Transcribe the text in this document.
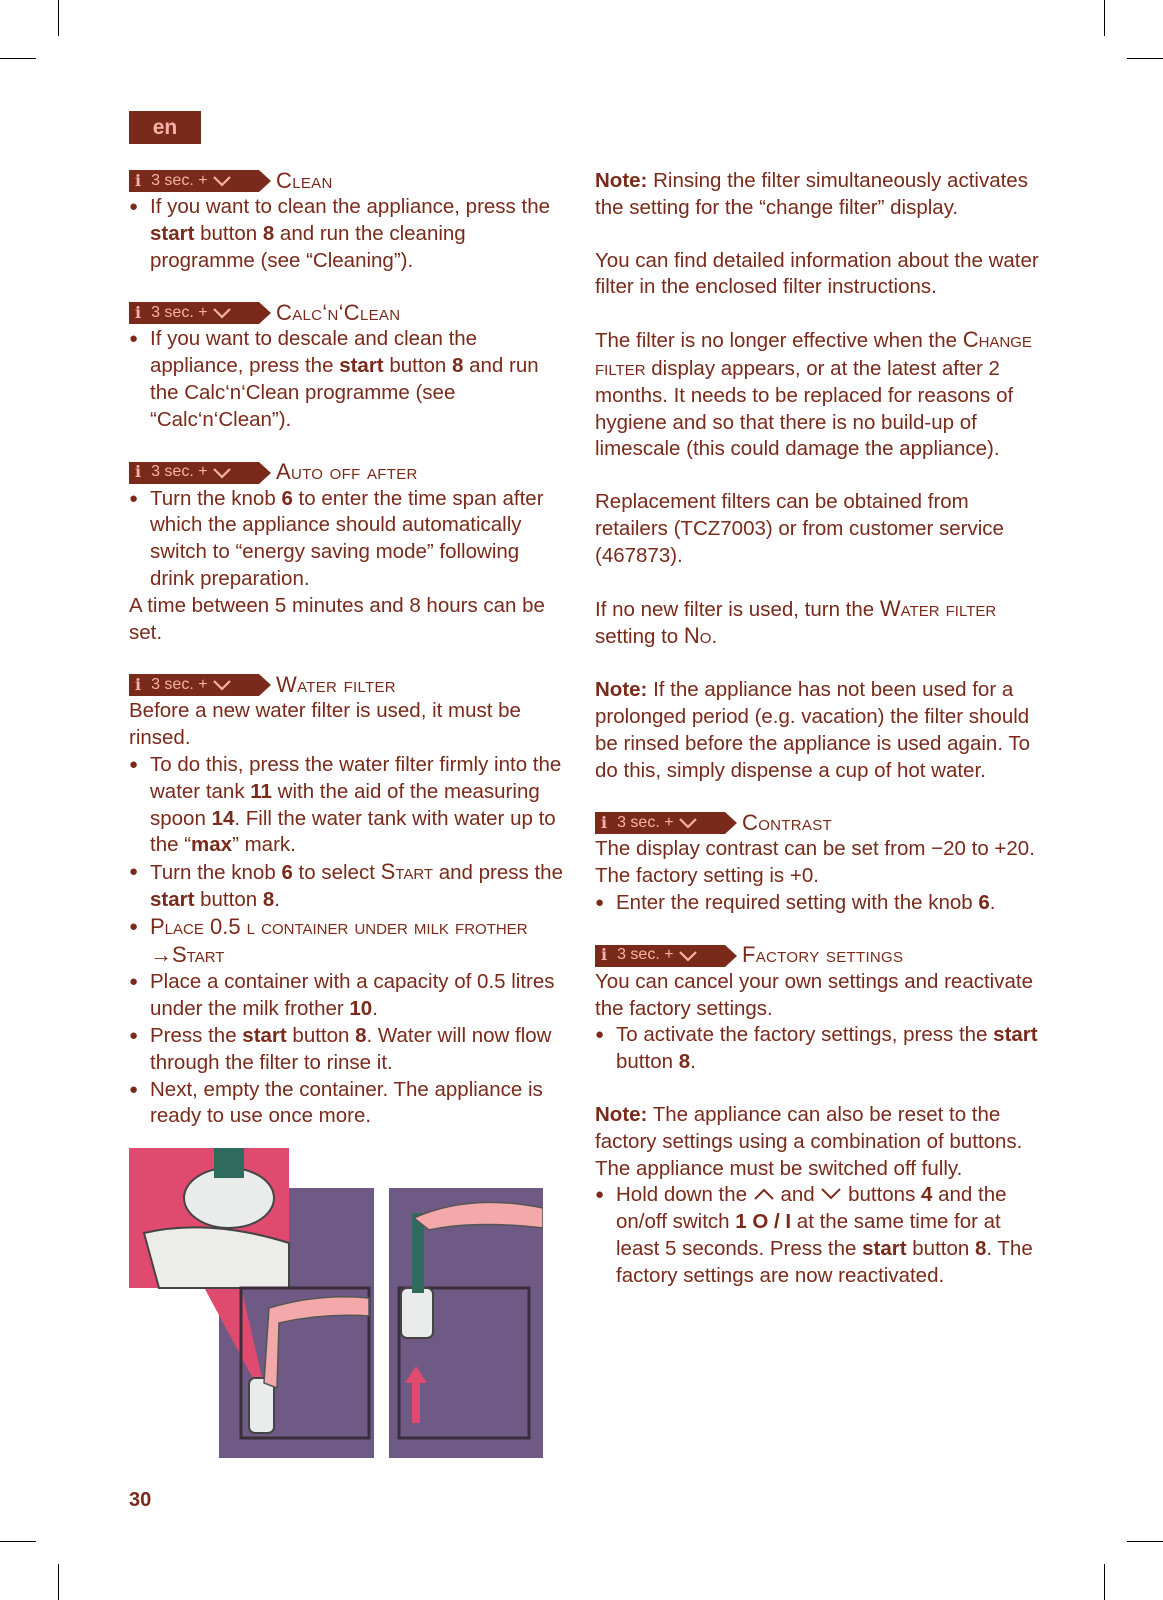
en
i 3 sec. +	Clean
● If you want to clean the appliance, press the start button 8 and run the cleaning programme (see “Cleaning”).
i 3 sec. +	Calc‘n‘Clean
● If you want to descale and clean the appliance, press the start button 8 and run the Calc‘n‘Clean programme (see “Calc‘n‘Clean”).
i 3 sec. +	Auto off after
● Turn the knob 6 to enter the time span after which the appliance should automatically switch to “energy saving mode” following drink preparation.

A time between 5 minutes and 8 hours can be set.

i 3 sec. +	Water filter

Before a new water filter is used, it must be rinsed.

● To do this, press the water filter firmly into the water tank 11 with the aid of the measuring spoon 14. Fill the water tank with water up to the “max” mark.
● Turn the knob 6 to select Start and press the start button 8.
● Place 0.5 l container under milk frother →Start
● Place a container with a capacity of 0.5 litres under the milk frother 10.
● Press the start button 8. Water will now flow through the filter to rinse it.
● Next, empty the container. The appliance is ready to use once more.

Note: Rinsing the filter simultaneously activates the setting for the “change filter” display.

You can find detailed information about the water filter in the enclosed filter instructions.

The filter is no longer effective when the Change filter display appears, or at the latest after 2 months. It needs to be replaced for reasons of hygiene and so that there is no build-up of limescale (this could damage the appliance).

Replacement filters can be obtained from retailers (TCZ7003) or from customer service (467873).

If no new filter is used, turn the Water filter setting to No.

Note: If the appliance has not been used for a prolonged period (e.g. vacation) the filter should be rinsed before the appliance is used again. To do this, simply dispense a cup of hot water.

i 3 sec. +	Contrast

The display contrast can be set from −20 to +20. The factory setting is +0.

● Enter the required setting with the knob 6.
i 3 sec. +	Factory settings

You can cancel your own settings and reactivate the factory settings.

● To activate the factory settings, press the start button 8.

Note: The appliance can also be reset to the factory settings using a combination of buttons. The appliance must be switched off fully.

● Hold down the  and  buttons 4 and the on/off switch 1 O / I at the same time for at least 5 seconds. Press the start button 8. The factory settings are now reactivated.
30
